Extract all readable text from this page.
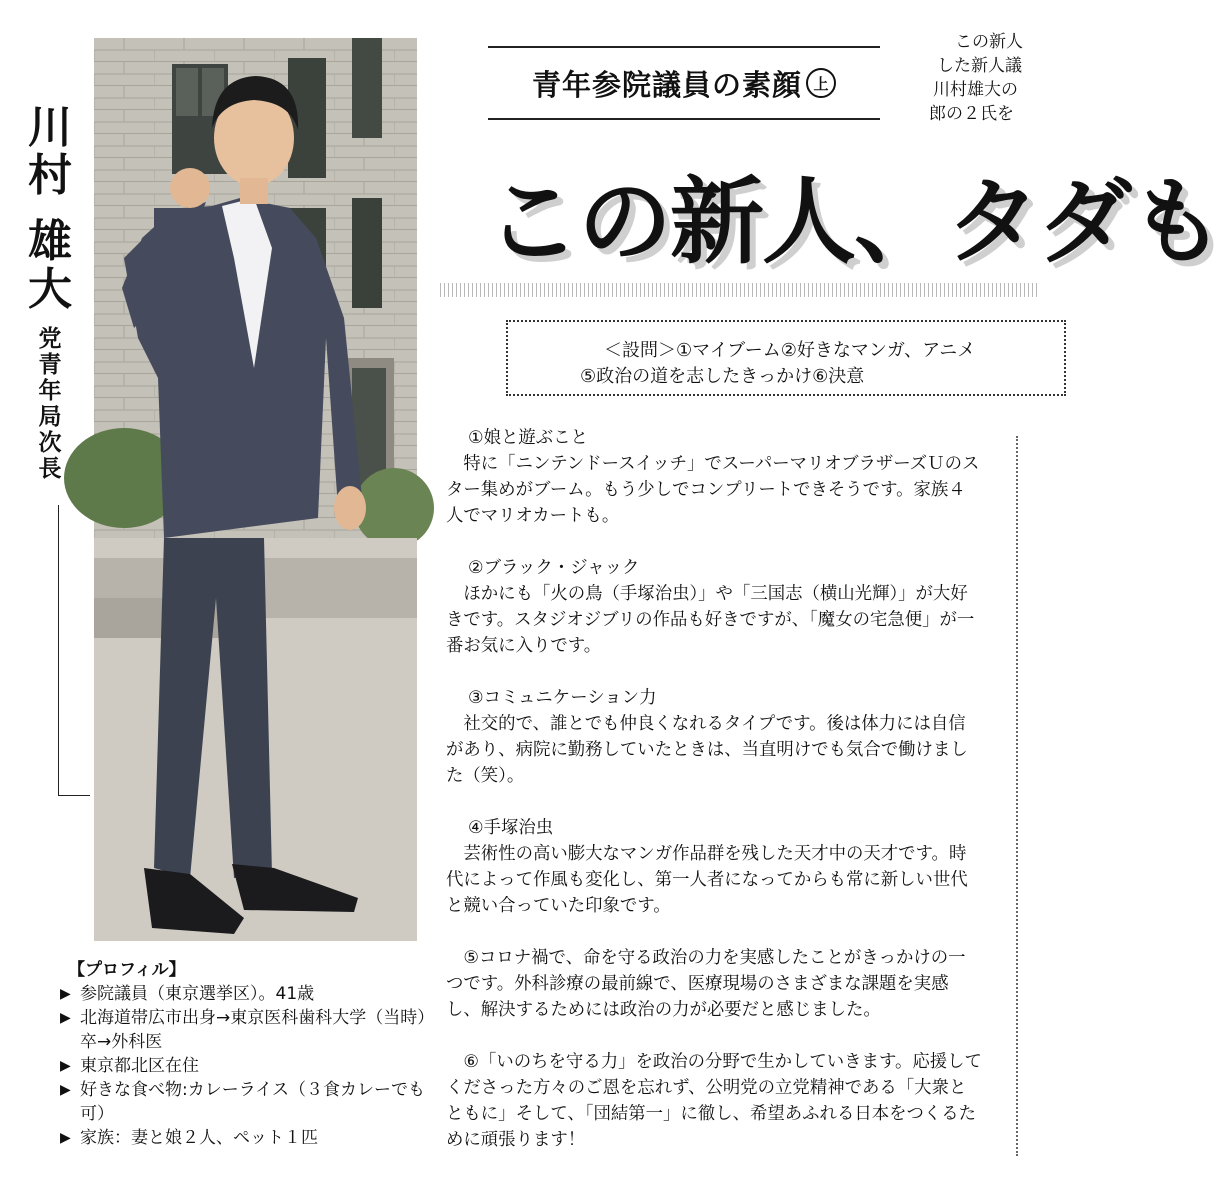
川
村
雄
大
党
青
年
局
次
長
【プロフィル】
▶ 参院議員（東京選挙区）。41歳
▶ 北海道帯広市出身→東京医科歯科大学（当時）卒→外科医
▶ 東京都北区在住
▶ 好きな食べ物:カレーライス（３食カレーでも可）
▶ 家族：妻と娘２人、ペット１匹
青年参院議員の素顔 上
この新人
した新人議
川村雄大の
郎の２氏を
この新人、タダも
＜設問＞①マイブーム②好きなマンガ、アニメ
⑤政治の道を志したきっかけ⑥決意
①娘と遊ぶこと
特に「ニンテンドースイッチ」でスーパーマリオブラザーズＵのスター集めがブーム。もう少しでコンプリートできそうです。家族４人でマリオカートも。
②ブラック・ジャック
ほかにも「火の鳥（手塚治虫）」や「三国志（横山光輝）」が大好きです。スタジオジブリの作品も好きですが、「魔女の宅急便」が一番お気に入りです。
③コミュニケーション力
社交的で、誰とでも仲良くなれるタイプです。後は体力には自信があり、病院に勤務していたときは、当直明けでも気合で働けました（笑）。
④手塚治虫
芸術性の高い膨大なマンガ作品群を残した天才中の天才です。時代によって作風も変化し、第一人者になってからも常に新しい世代と競い合っていた印象です。
⑤コロナ禍で、命を守る政治の力を実感したことがきっかけの一つです。外科診療の最前線で、医療現場のさまざまな課題を実感し、解決するためには政治の力が必要だと感じました。
⑥「いのちを守る力」を政治の分野で生かしていきます。応援してくださった方々のご恩を忘れず、公明党の立党精神である「大衆とともに」そして、「団結第一」に徹し、希望あふれる日本をつくるために頑張ります！
